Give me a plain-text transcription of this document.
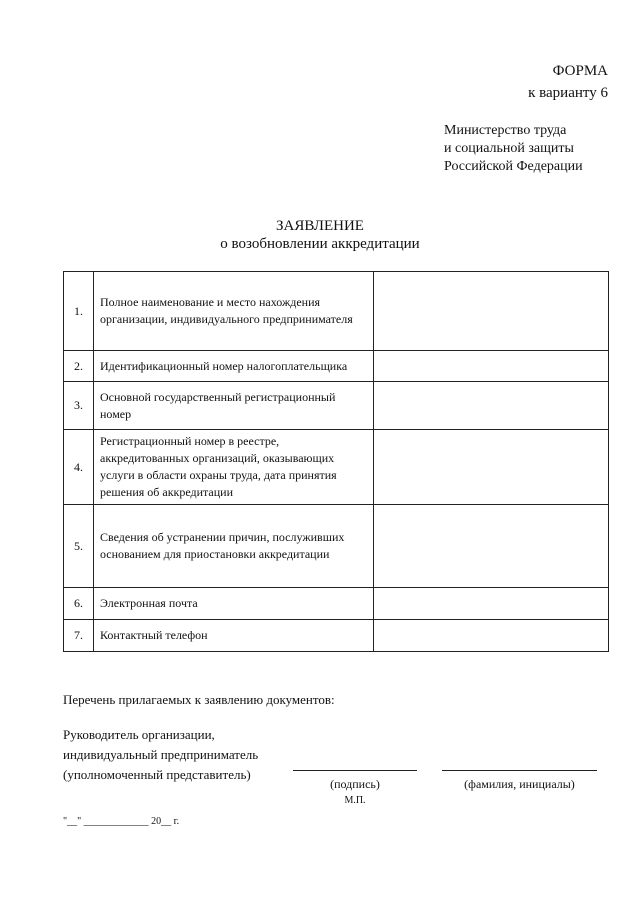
ФОРМА
к варианту 6
Министерство труда
и социальной защиты
Российской Федерации
ЗАЯВЛЕНИЕ
о возобновлении аккредитации
1.	Полное наименование и место нахождения организации, индивидуального предпринимателя	
2.	Идентификационный номер налогоплательщика	
3.	Основной государственный регистрационный номер	
4.	Регистрационный номер в реестре, аккредитованных организаций, оказывающих услуги в области охраны труда, дата принятия решения об аккредитации	
5.	Сведения об устранении причин, послуживших основанием для приостановки аккредитации	
6.	Электронная почта	
7.	Контактный телефон	
Перечень прилагаемых к заявлению документов:
Руководитель организации,
индивидуальный предприниматель
(уполномоченный представитель)
(подпись)
М.П.
(фамилия, инициалы)
"__" _____________ 20__ г.
